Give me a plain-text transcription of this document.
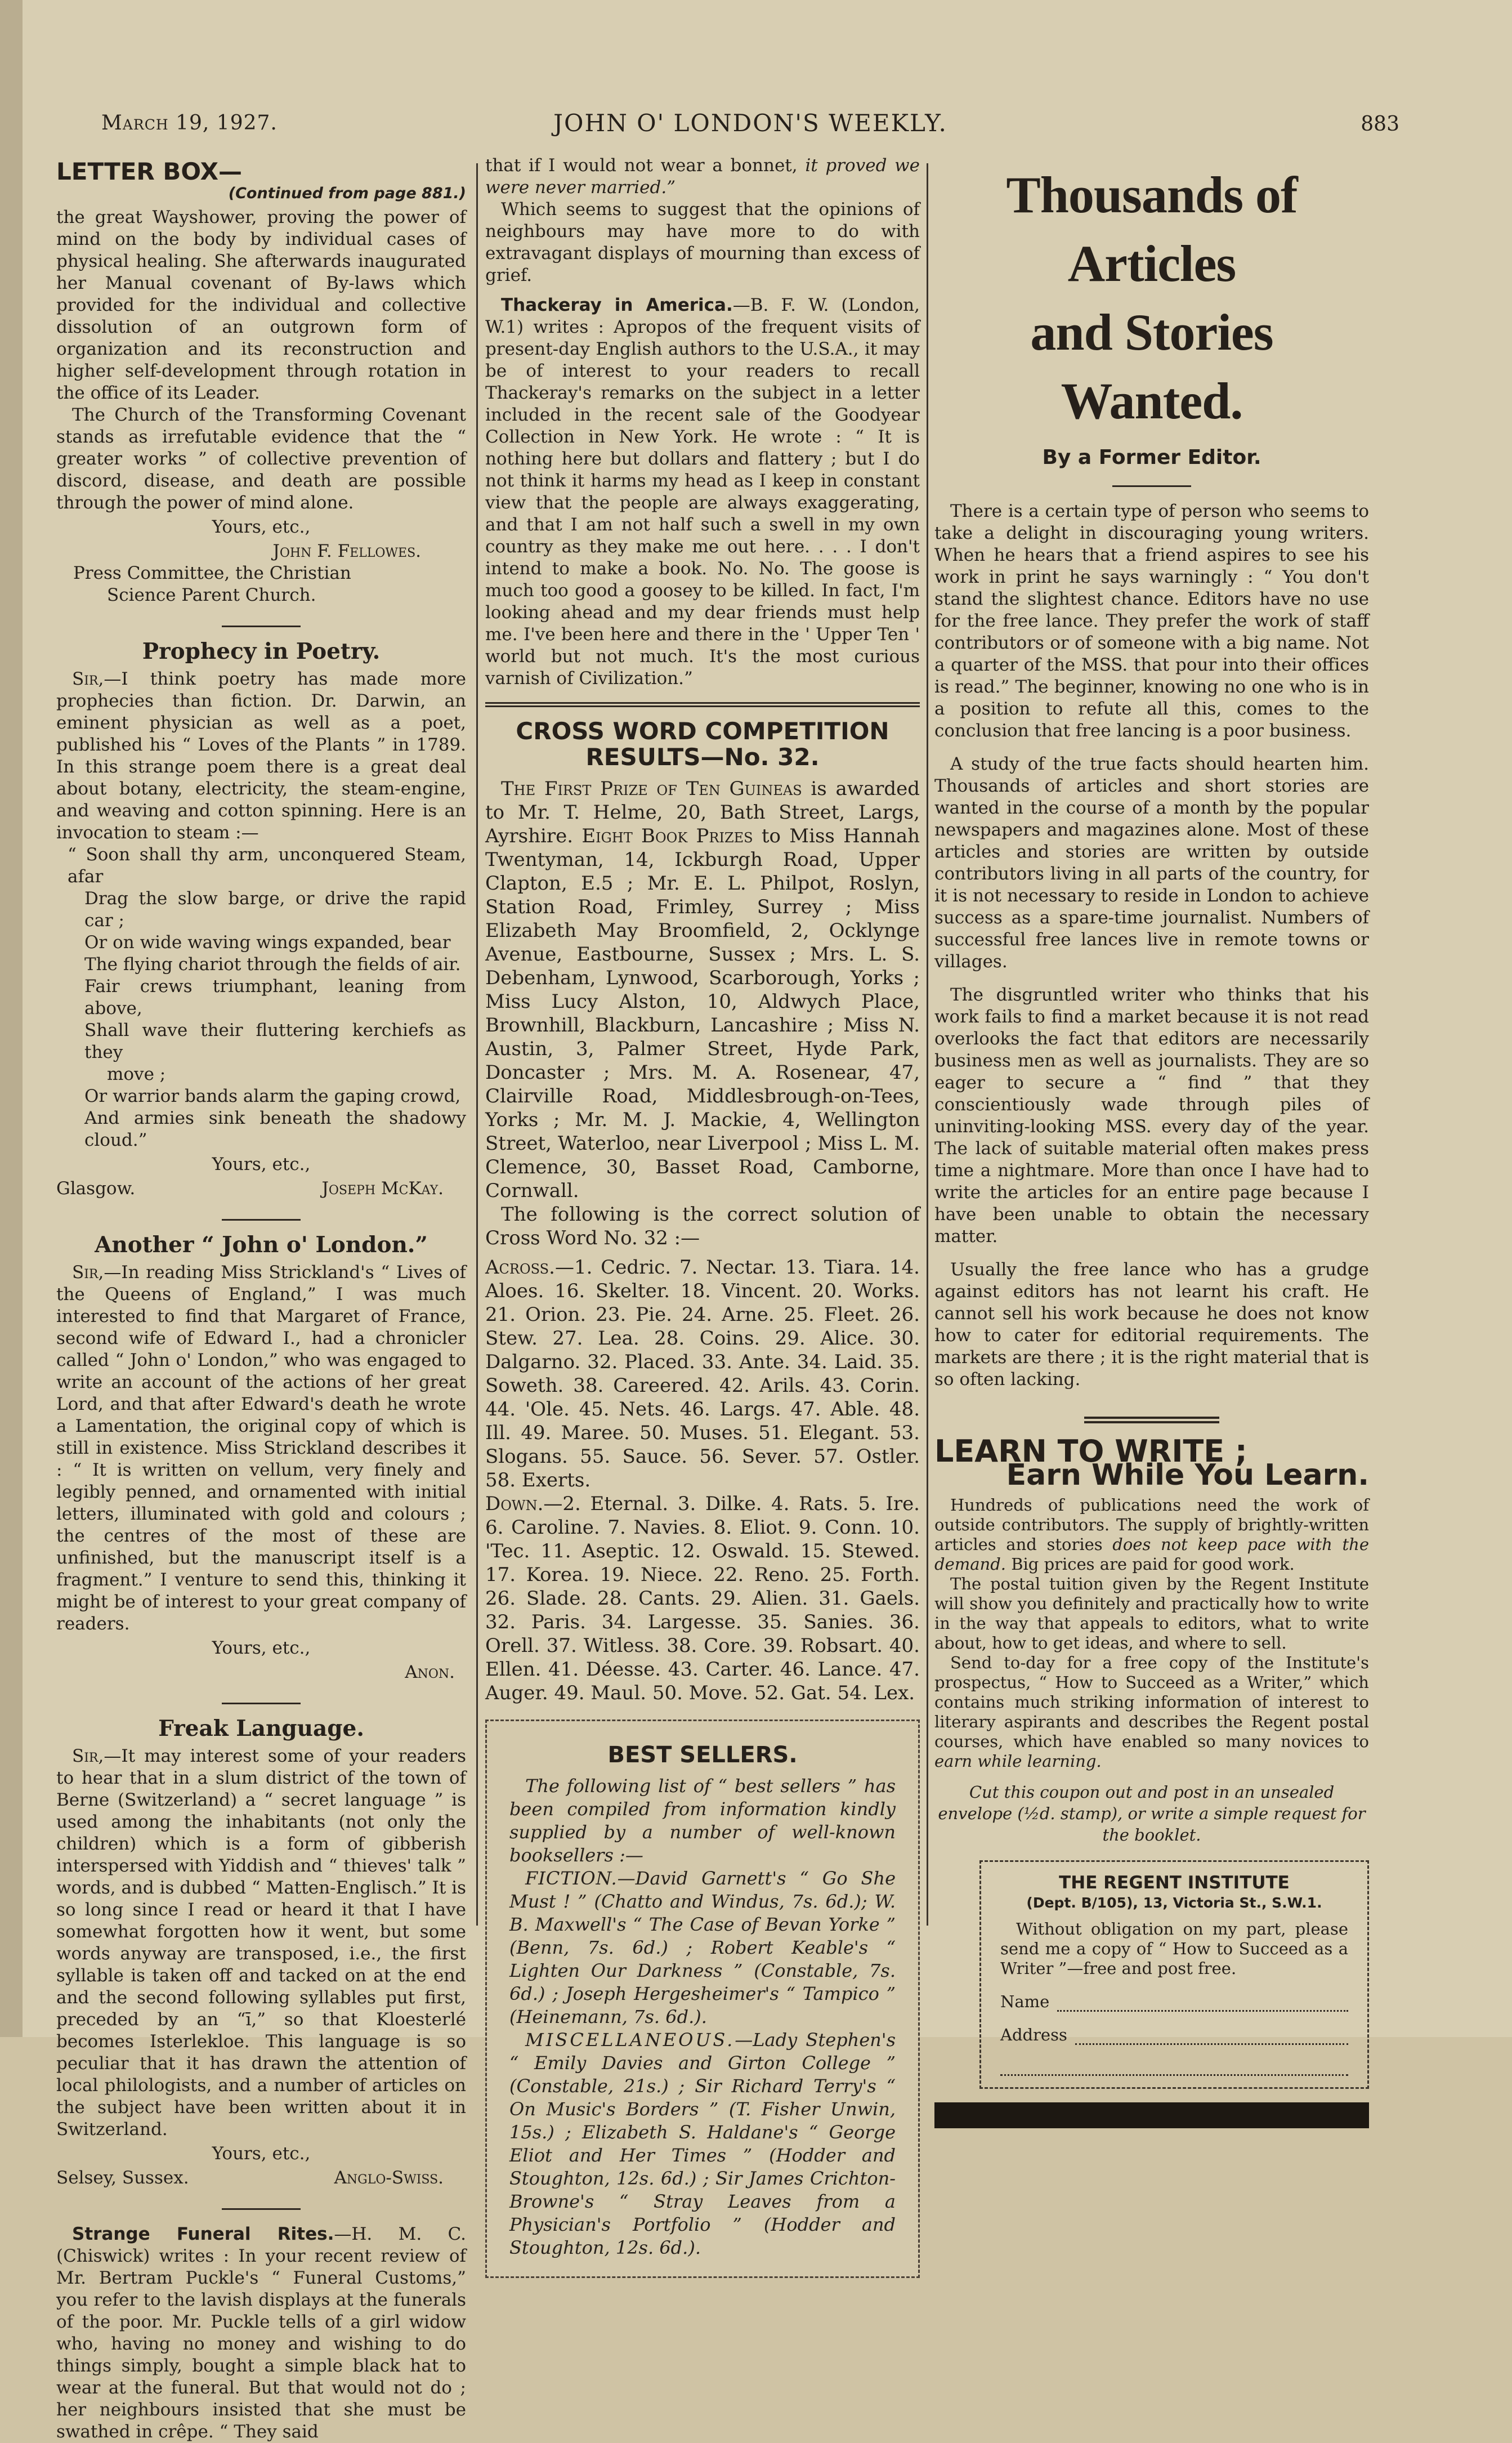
March 19, 1927.	JOHN O' LONDON'S WEEKLY.	883
LETTER BOX—
(Continued from page 881.)

the great Wayshower, proving the power of mind on the body by individual cases of physical healing. She afterwards inaugurated her Manual covenant of By-laws which provided for the individual and collective dissolution of an outgrown form of organization and its reconstruction and higher self-development through rotation in the office of its Leader.

The Church of the Transforming Covenant stands as irrefutable evidence that the “ greater works ” of collective prevention of discord, disease, and death are possible through the power of mind alone.

Yours, etc.,
John F. Fellowes.
Press Committee, the Christian
Science Parent Church.
Prophecy in Poetry.

Sir,—I think poetry has made more prophecies than fiction. Dr. Darwin, an eminent physician as well as a poet, published his “ Loves of the Plants ” in 1789. In this strange poem there is a great deal about botany, electricity, the steam-engine, and weaving and cotton spinning. Here is an invocation to steam :—

“ Soon shall thy arm, unconquered Steam, afar
Drag the slow barge, or drive the rapid car ;
Or on wide waving wings expanded, bear
The flying chariot through the fields of air.
Fair crews triumphant, leaning from above,
Shall wave their fluttering kerchiefs as they
move ;
Or warrior bands alarm the gaping crowd,
And armies sink beneath the shadowy cloud.”
Yours, etc.,
Glasgow.	Joseph McKay.
Another “ John o' London.”

Sir,—In reading Miss Strickland's “ Lives of the Queens of England,” I was much interested to find that Margaret of France, second wife of Edward I., had a chronicler called “ John o' London,” who was engaged to write an account of the actions of her great Lord, and that after Edward's death he wrote a Lamentation, the original copy of which is still in existence. Miss Strickland describes it : “ It is written on vellum, very finely and legibly penned, and ornamented with initial letters, illuminated with gold and colours ; the centres of the most of these are unfinished, but the manuscript itself is a fragment.” I venture to send this, thinking it might be of interest to your great company of readers.

Yours, etc.,
Anon.
Freak Language.

Sir,—It may interest some of your readers to hear that in a slum district of the town of Berne (Switzerland) a “ secret language ” is used among the inhabitants (not only the children) which is a form of gibberish interspersed with Yiddish and “ thieves' talk ” words, and is dubbed “ Matten-Englisch.” It is so long since I read or heard it that I have somewhat forgotten how it went, but some words anyway are transposed, i.e., the first syllable is taken off and tacked on at the end and the second following syllables put first, preceded by an “ī,” so that Kloesterlé becomes Isterlekloe. This language is so peculiar that it has drawn the attention of local philologists, and a number of articles on the subject have been written about it in Switzerland.

Yours, etc.,
Selsey, Sussex.	Anglo-Swiss.

Strange Funeral Rites.—H. M. C. (Chiswick) writes : In your recent review of Mr. Bertram Puckle's “ Funeral Customs,” you refer to the lavish displays at the funerals of the poor. Mr. Puckle tells of a girl widow who, having no money and wishing to do things simply, bought a simple black hat to wear at the funeral. But that would not do ; her neighbours insisted that she must be swathed in crêpe. “ They said

that if I would not wear a bonnet, it proved we were never married.”

Which seems to suggest that the opinions of neighbours may have more to do with extravagant displays of mourning than excess of grief.

Thackeray in America.—B. F. W. (London, W.1) writes : Apropos of the frequent visits of present-day English authors to the U.S.A., it may be of interest to your readers to recall Thackeray's remarks on the subject in a letter included in the recent sale of the Goodyear Collection in New York. He wrote : “ It is nothing here but dollars and flattery ; but I do not think it harms my head as I keep in constant view that the people are always exaggerating, and that I am not half such a swell in my own country as they make me out here. . . . I don't intend to make a book. No. No. The goose is much too good a goosey to be killed. In fact, I'm looking ahead and my dear friends must help me. I've been here and there in the ' Upper Ten ' world but not much. It's the most curious varnish of Civilization.”

CROSS WORD COMPETITION
RESULTS—No. 32.

The First Prize of Ten Guineas is awarded to Mr. T. Helme, 20, Bath Street, Largs, Ayrshire. Eight Book Prizes to Miss Hannah Twentyman, 14, Ickburgh Road, Upper Clapton, E.5 ; Mr. E. L. Philpot, Roslyn, Station Road, Frimley, Surrey ; Miss Elizabeth May Broomfield, 2, Ocklynge Avenue, Eastbourne, Sussex ; Mrs. L. S. Debenham, Lynwood, Scarborough, Yorks ; Miss Lucy Alston, 10, Aldwych Place, Brownhill, Blackburn, Lancashire ; Miss N. Austin, 3, Palmer Street, Hyde Park, Doncaster ; Mrs. M. A. Rosenear, 47, Clairville Road, Middlesbrough-on-Tees, Yorks ; Mr. M. J. Mackie, 4, Wellington Street, Waterloo, near Liverpool ; Miss L. M. Clemence, 30, Basset Road, Camborne, Cornwall.

The following is the correct solution of Cross Word No. 32 :—

Across.—1. Cedric. 7. Nectar. 13. Tiara. 14. Aloes. 16. Skelter. 18. Vincent. 20. Works. 21. Orion. 23. Pie. 24. Arne. 25. Fleet. 26. Stew. 27. Lea. 28. Coins. 29. Alice. 30. Dalgarno. 32. Placed. 33. Ante. 34. Laid. 35. Soweth. 38. Careered. 42. Arils. 43. Corin. 44. 'Ole. 45. Nets. 46. Largs. 47. Able. 48. Ill. 49. Maree. 50. Muses. 51. Elegant. 53. Slogans. 55. Sauce. 56. Sever. 57. Ostler. 58. Exerts.

Down.—2. Eternal. 3. Dilke. 4. Rats. 5. Ire. 6. Caroline. 7. Navies. 8. Eliot. 9. Conn. 10. 'Tec. 11. Aseptic. 12. Oswald. 15. Stewed. 17. Korea. 19. Niece. 22. Reno. 25. Forth. 26. Slade. 28. Cants. 29. Alien. 31. Gaels. 32. Paris. 34. Largesse. 35. Sanies. 36. Orell. 37. Witless. 38. Core. 39. Robsart. 40. Ellen. 41. Déesse. 43. Carter. 46. Lance. 47. Auger. 49. Maul. 50. Move. 52. Gat. 54. Lex.

BEST SELLERS.

The following list of “ best sellers ” has been compiled from information kindly supplied by a number of well-known booksellers :—

FICTION.—David Garnett's “ Go She Must ! ” (Chatto and Windus, 7s. 6d.); W. B. Maxwell's “ The Case of Bevan Yorke ” (Benn, 7s. 6d.) ; Robert Keable's “ Lighten Our Darkness ” (Constable, 7s. 6d.) ; Joseph Hergesheimer's “ Tampico ” (Heinemann, 7s. 6d.).

MISCELLANEOUS.—Lady Stephen's “ Emily Davies and Girton College ” (Constable, 21s.) ; Sir Richard Terry's “ On Music's Borders ” (T. Fisher Unwin, 15s.) ; Elizabeth S. Haldane's “ George Eliot and Her Times ” (Hodder and Stoughton, 12s. 6d.) ; Sir James Crichton-Browne's “ Stray Leaves from a Physician's Portfolio ” (Hodder and Stoughton, 12s. 6d.).

Thousands of Articles
and Stories
Wanted.
By a Former Editor.

There is a certain type of person who seems to take a delight in discouraging young writers. When he hears that a friend aspires to see his work in print he says warningly : “ You don't stand the slightest chance. Editors have no use for the free lance. They prefer the work of staff contributors or of someone with a big name. Not a quarter of the MSS. that pour into their offices is read.” The beginner, knowing no one who is in a position to refute all this, comes to the conclusion that free lancing is a poor business.

A study of the true facts should hearten him. Thousands of articles and short stories are wanted in the course of a month by the popular newspapers and magazines alone. Most of these articles and stories are written by outside contributors living in all parts of the country, for it is not necessary to reside in London to achieve success as a spare-time journalist. Numbers of successful free lances live in remote towns or villages.

The disgruntled writer who thinks that his work fails to find a market because it is not read overlooks the fact that editors are necessarily business men as well as journalists. They are so eager to secure a “ find ” that they conscientiously wade through piles of uninviting-looking MSS. every day of the year. The lack of suitable material often makes press time a nightmare. More than once I have had to write the articles for an entire page because I have been unable to obtain the necessary matter.

Usually the free lance who has a grudge against editors has not learnt his craft. He cannot sell his work because he does not know how to cater for editorial requirements. The markets are there ; it is the right material that is so often lacking.

LEARN TO WRITE ;
Earn While You Learn.

Hundreds of publications need the work of outside contributors. The supply of brightly-written articles and stories does not keep pace with the demand. Big prices are paid for good work.

The postal tuition given by the Regent Institute will show you definitely and practically how to write in the way that appeals to editors, what to write about, how to get ideas, and where to sell.

Send to-day for a free copy of the Institute's prospectus, “ How to Succeed as a Writer,” which contains much striking information of interest to literary aspirants and describes the Regent postal courses, which have enabled so many novices to earn while learning.

Cut this coupon out and post in an unsealed envelope (½d. stamp), or write a simple request for the booklet.
THE REGENT INSTITUTE
(Dept. B/105), 13, Victoria St., S.W.1.

Without obligation on my part, please send me a copy of “ How to Succeed as a Writer ”—free and post free.

Name
Address
